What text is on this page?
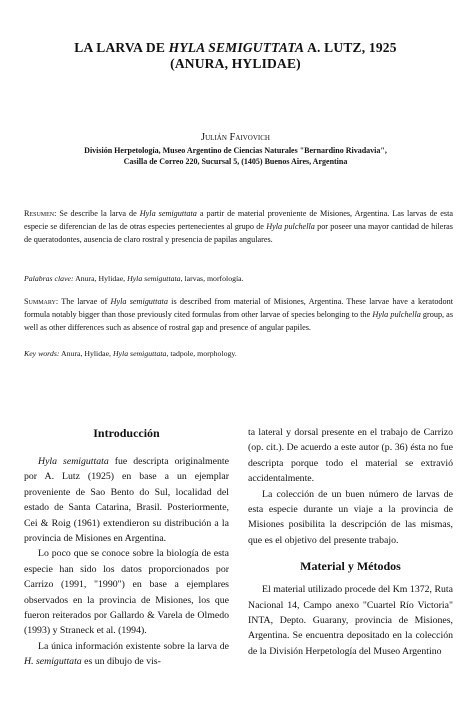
LA LARVA DE HYLA SEMIGUTTATA A. LUTZ, 1925
(ANURA, HYLIDAE)
Julián Faivovich
División Herpetología, Museo Argentino de Ciencias Naturales "Bernardino Rivadavia",
Casilla de Correo 220, Sucursal 5, (1405) Buenos Aires, Argentina
Resumen: Se describe la larva de Hyla semiguttata a partir de material proveniente de Misiones, Argentina. Las larvas de esta especie se diferencian de las de otras especies pertenecientes al grupo de Hyla pulchella por poseer una mayor cantidad de hileras de queratodontes, ausencia de claro rostral y presencia de papilas angulares.
Palabras clave: Anura, Hylidae, Hyla semiguttata, larvas, morfología.
Summary: The larvae of Hyla semiguttata is described from material of Misiones, Argentina. These larvae have a keratodont formula notably bigger than those previously cited formulas from other larvae of species belonging to the Hyla pulchella group, as well as other differences such as absence of rostral gap and presence of angular papiles.
Key words: Anura, Hylidae, Hyla semiguttata, tadpole, morphology.
Introducción

Hyla semiguttata fue descripta originalmente por A. Lutz (1925) en base a un ejemplar proveniente de Sao Bento do Sul, localidad del estado de Santa Catarina, Brasil. Posteriormente, Cei & Roig (1961) extendieron su distribución a la provincia de Misiones en Argentina.

Lo poco que se conoce sobre la biología de esta especie han sido los datos proporcionados por Carrizo (1991, "1990") en base a ejemplares observados en la provincia de Misiones, los que fueron reiterados por Gallardo & Varela de Olmedo (1993) y Straneck et al. (1994).

La única información existente sobre la larva de H. semiguttata es un dibujo de vis-

ta lateral y dorsal presente en el trabajo de Carrizo (op. cit.). De acuerdo a este autor (p. 36) ésta no fue descripta porque todo el material se extravió accidentalmente.

La colección de un buen número de larvas de esta especie durante un viaje a la provincia de Misiones posibilita la descripción de las mismas, que es el objetivo del presente trabajo.

Material y Métodos

El material utilizado procede del Km 1372, Ruta Nacional 14, Campo anexo "Cuartel Río Victoria" INTA, Depto. Guarany, provincia de Misiones, Argentina. Se encuentra depositado en la colección de la División Herpetología del Museo Argentino
